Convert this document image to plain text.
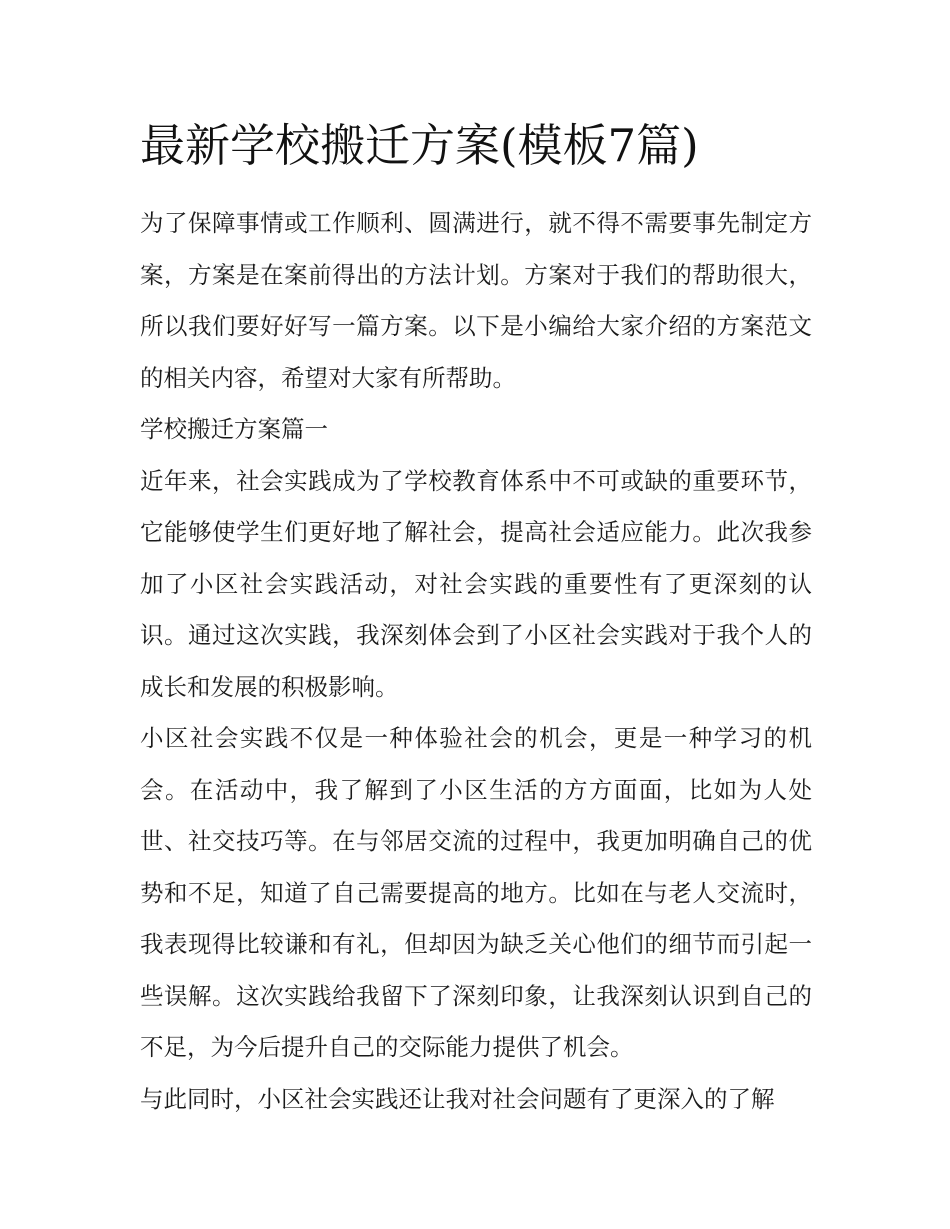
最新学校搬迁方案(模板7篇)

为了保障事情或工作顺利、圆满进行，就不得不需要事先制定方案，方案是在案前得出的方法计划。方案对于我们的帮助很大，所以我们要好好写一篇方案。以下是小编给大家介绍的方案范文的相关内容，希望对大家有所帮助。

学校搬迁方案篇一

近年来，社会实践成为了学校教育体系中不可或缺的重要环节，它能够使学生们更好地了解社会，提高社会适应能力。此次我参加了小区社会实践活动，对社会实践的重要性有了更深刻的认识。通过这次实践，我深刻体会到了小区社会实践对于我个人的成长和发展的积极影响。

小区社会实践不仅是一种体验社会的机会，更是一种学习的机会。在活动中，我了解到了小区生活的方方面面，比如为人处世、社交技巧等。在与邻居交流的过程中，我更加明确自己的优势和不足，知道了自己需要提高的地方。比如在与老人交流时，我表现得比较谦和有礼，但却因为缺乏关心他们的细节而引起一些误解。这次实践给我留下了深刻印象，让我深刻认识到自己的不足，为今后提升自己的交际能力提供了机会。

与此同时，小区社会实践还让我对社会问题有了更深入的了解
